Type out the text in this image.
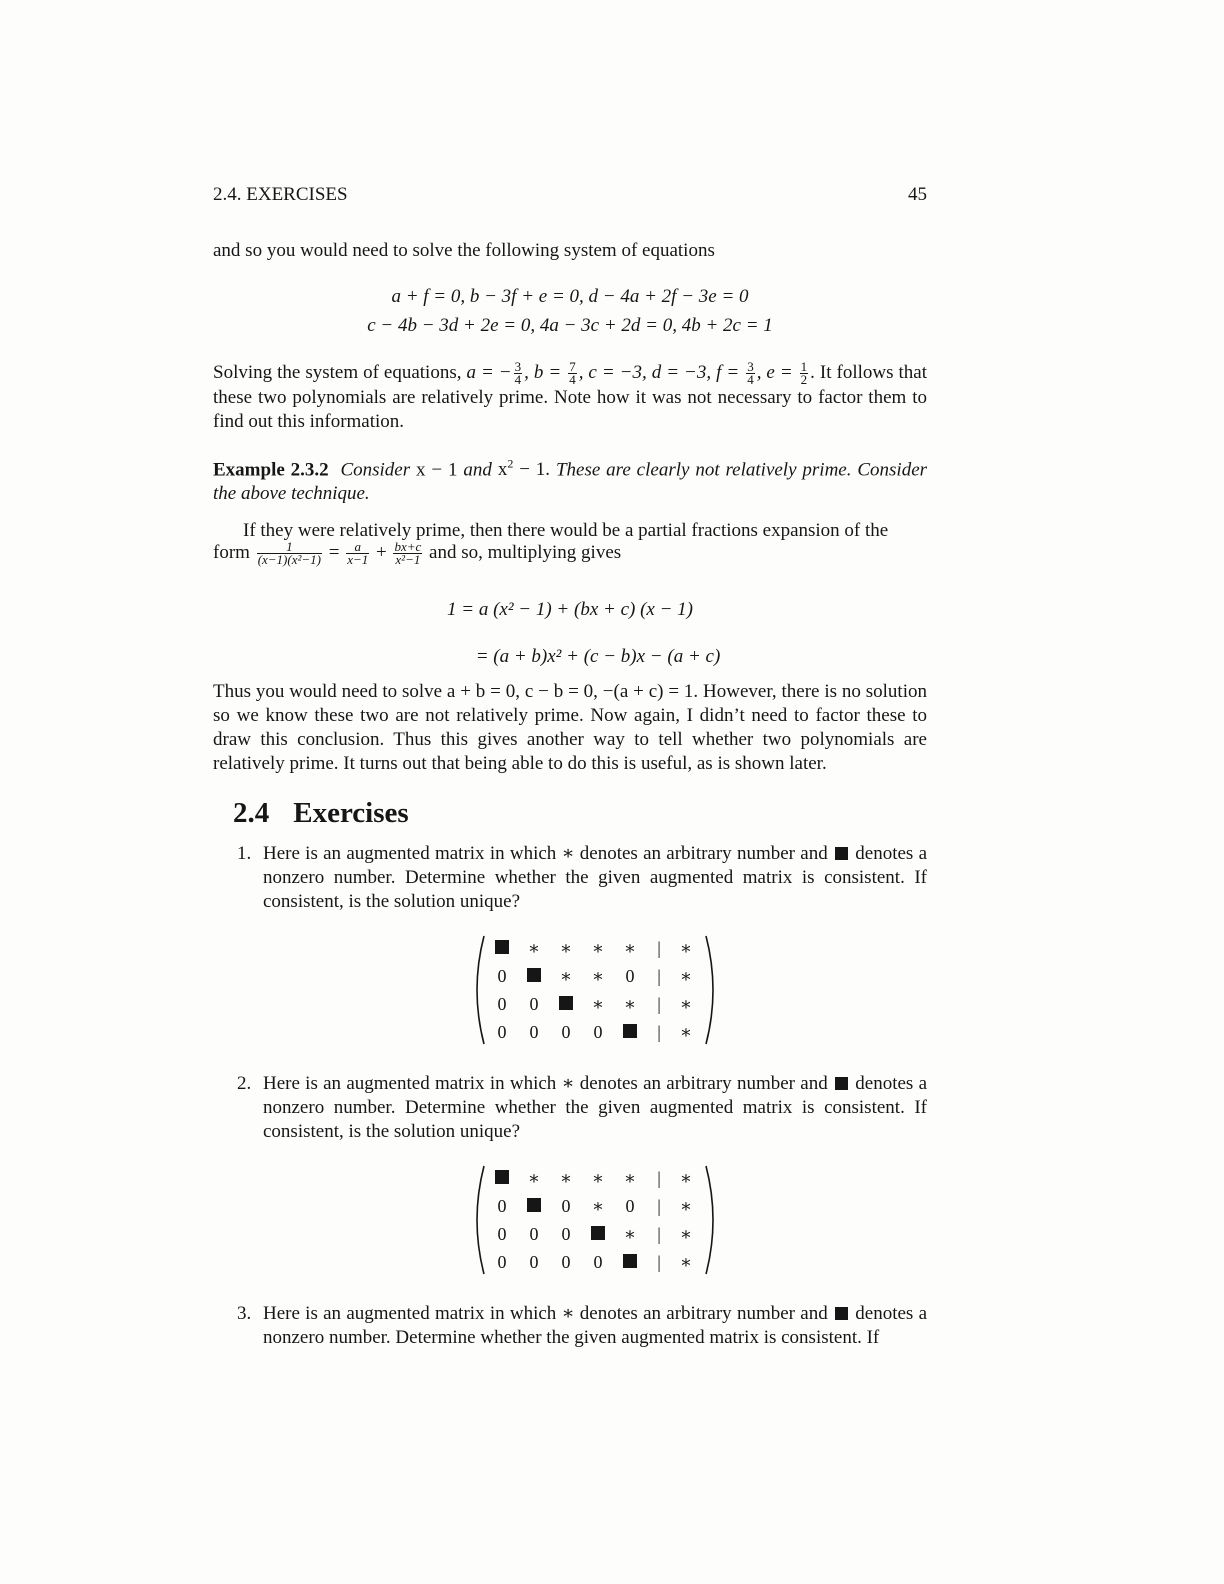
2.4. EXERCISES	45
and so you would need to solve the following system of equations
a + f = 0, b − 3f + e = 0, d − 4a + 2f − 3e = 0
c − 4b − 3d + 2e = 0, 4a − 3c + 2d = 0, 4b + 2c = 1

Solving the system of equations, a = − $\frac{3}{4}$ , $b = \frac{7}{4}$ , c = −3, d = −3, $f = \frac{3}{4}$ , $e = \frac{1}{2}$ . It follows that these two polynomials are relatively prime. Note how it was not necessary to factor them to find out this information.

Example 2.3.2 Consider x − 1 and $x^2 - 1$. These are clearly not relatively prime. Consider the above technique.

If they were relatively prime, then there would be a partial fractions expansion of the
form $\frac{1}{\text{(x−1)(x²−1)}} = \frac{a}{x-1} + \frac{bx+c}{\text{x²−1}}$ and so, multiplying gives
1 = a (x² − 1) + (bx + c) (x − 1)
= (a + b)x² + (c − b)x − (a + c)
Thus you would need to solve a + b = 0, c − b = 0, −(a + c) = 1. However, there is no solution so we know these two are not relatively prime. Now again, I didn’t need to factor these to draw this conclusion. Thus this gives another way to tell whether two polynomials are relatively prime. It turns out that being able to do this is useful, as is shown later.
2.4 Exercises
1. Here is an augmented matrix in which ∗ denotes an arbitrary number and denotes a nonzero number. Determine whether the given augmented matrix is consistent. If consistent, is the solution unique?
	∗	∗	∗	∗	|	∗
0		∗	∗	0	|	∗
0	0		∗	∗	|	∗
0	0	0	0		|	∗
2. Here is an augmented matrix in which ∗ denotes an arbitrary number and denotes a nonzero number. Determine whether the given augmented matrix is consistent. If consistent, is the solution unique?
	∗	∗	∗	∗	|	∗
0		0	∗	0	|	∗
0	0	0		∗	|	∗
0	0	0	0		|	∗
3. Here is an augmented matrix in which ∗ denotes an arbitrary number and denotes a nonzero number. Determine whether the given augmented matrix is consistent. If
